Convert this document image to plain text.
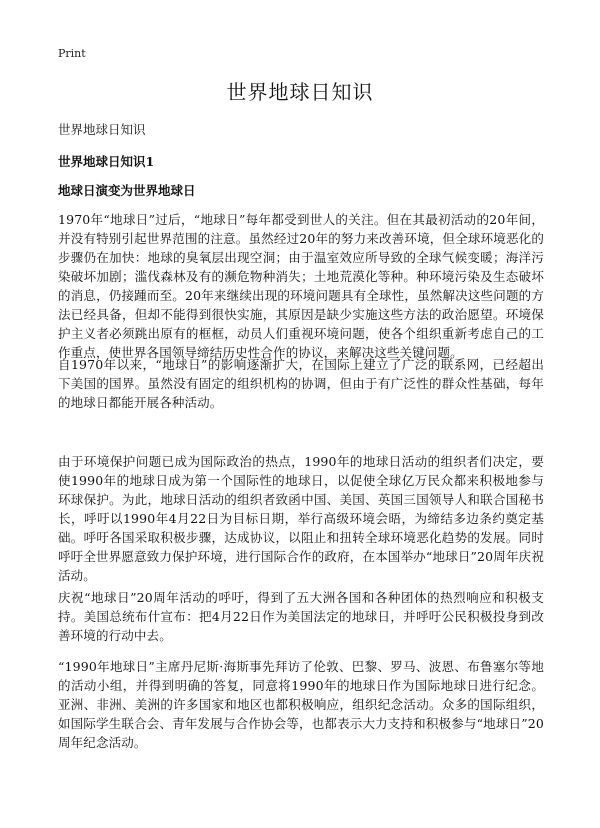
Print
世界地球日知识

世界地球日知识

世界地球日知识1
地球日演变为世界地球日

1970年“地球日”过后，“地球日”每年都受到世人的关注。但在其最初活动的20年间，并没有特别引起世界范围的注意。虽然经过20年的努力来改善环境，但全球环境恶化的步骤仍在加快：地球的臭氧层出现空洞；由于温室效应所导致的全球气候变暖；海洋污染破坏加剧；滥伐森林及有的濒危物种消失；土地荒漠化等种。种环境污染及生态破坏的消息，仍接踵而至。20年来继续出现的环境问题具有全球性，虽然解决这些问题的方法已经具备，但却不能得到很快实施，其原因是缺少实施这些方法的政治愿望。环境保护主义者必须跳出原有的框框，动员人们重视环境问题，使各个组织重新考虑自己的工作重点，使世界各国领导缔结历史性合作的协议，来解决这些关键问题。

自1970年以来，“地球日”的影响逐渐扩大，在国际上建立了广泛的联系网，已经超出下美国的国界。虽然没有固定的组织机构的协调，但由于有广泛性的群众性基础，每年的地球日都能开展各种活动。

由于环境保护问题已成为国际政治的热点，1990年的地球日活动的组织者们决定，要使1990年的地球日成为第一个国际性的地球日，以促使全球亿万民众都来积极地参与环球保护。为此，地球日活动的组织者致函中国、美国、英国三国领导人和联合国秘书长，呼吁以1990年4月22日为目标日期，举行高级环境会晤，为缔结多边条约奠定基础。呼吁各国采取积极步骤，达成协议，以阻止和扭转全球环境恶化趋势的发展。同时呼吁全世界愿意致力保护环境，进行国际合作的政府，在本国举办“地球日”20周年庆祝活动。

庆祝“地球日”20周年活动的呼吁，得到了五大洲各国和各种团体的热烈响应和积极支持。美国总统布什宣布：把4月22日作为美国法定的地球日，并呼吁公民积极投身到改善环境的行动中去。

“1990年地球日”主席丹尼斯·海斯事先拜访了伦敦、巴黎、罗马、波恩、布鲁塞尔等地的活动小组，并得到明确的答复，同意将1990年的地球日作为国际地球日进行纪念。亚洲、非洲、美洲的许多国家和地区也都积极响应，组织纪念活动。众多的国际组织，如国际学生联合会、青年发展与合作协会等，也都表示大力支持和积极参与“地球日”20周年纪念活动。
